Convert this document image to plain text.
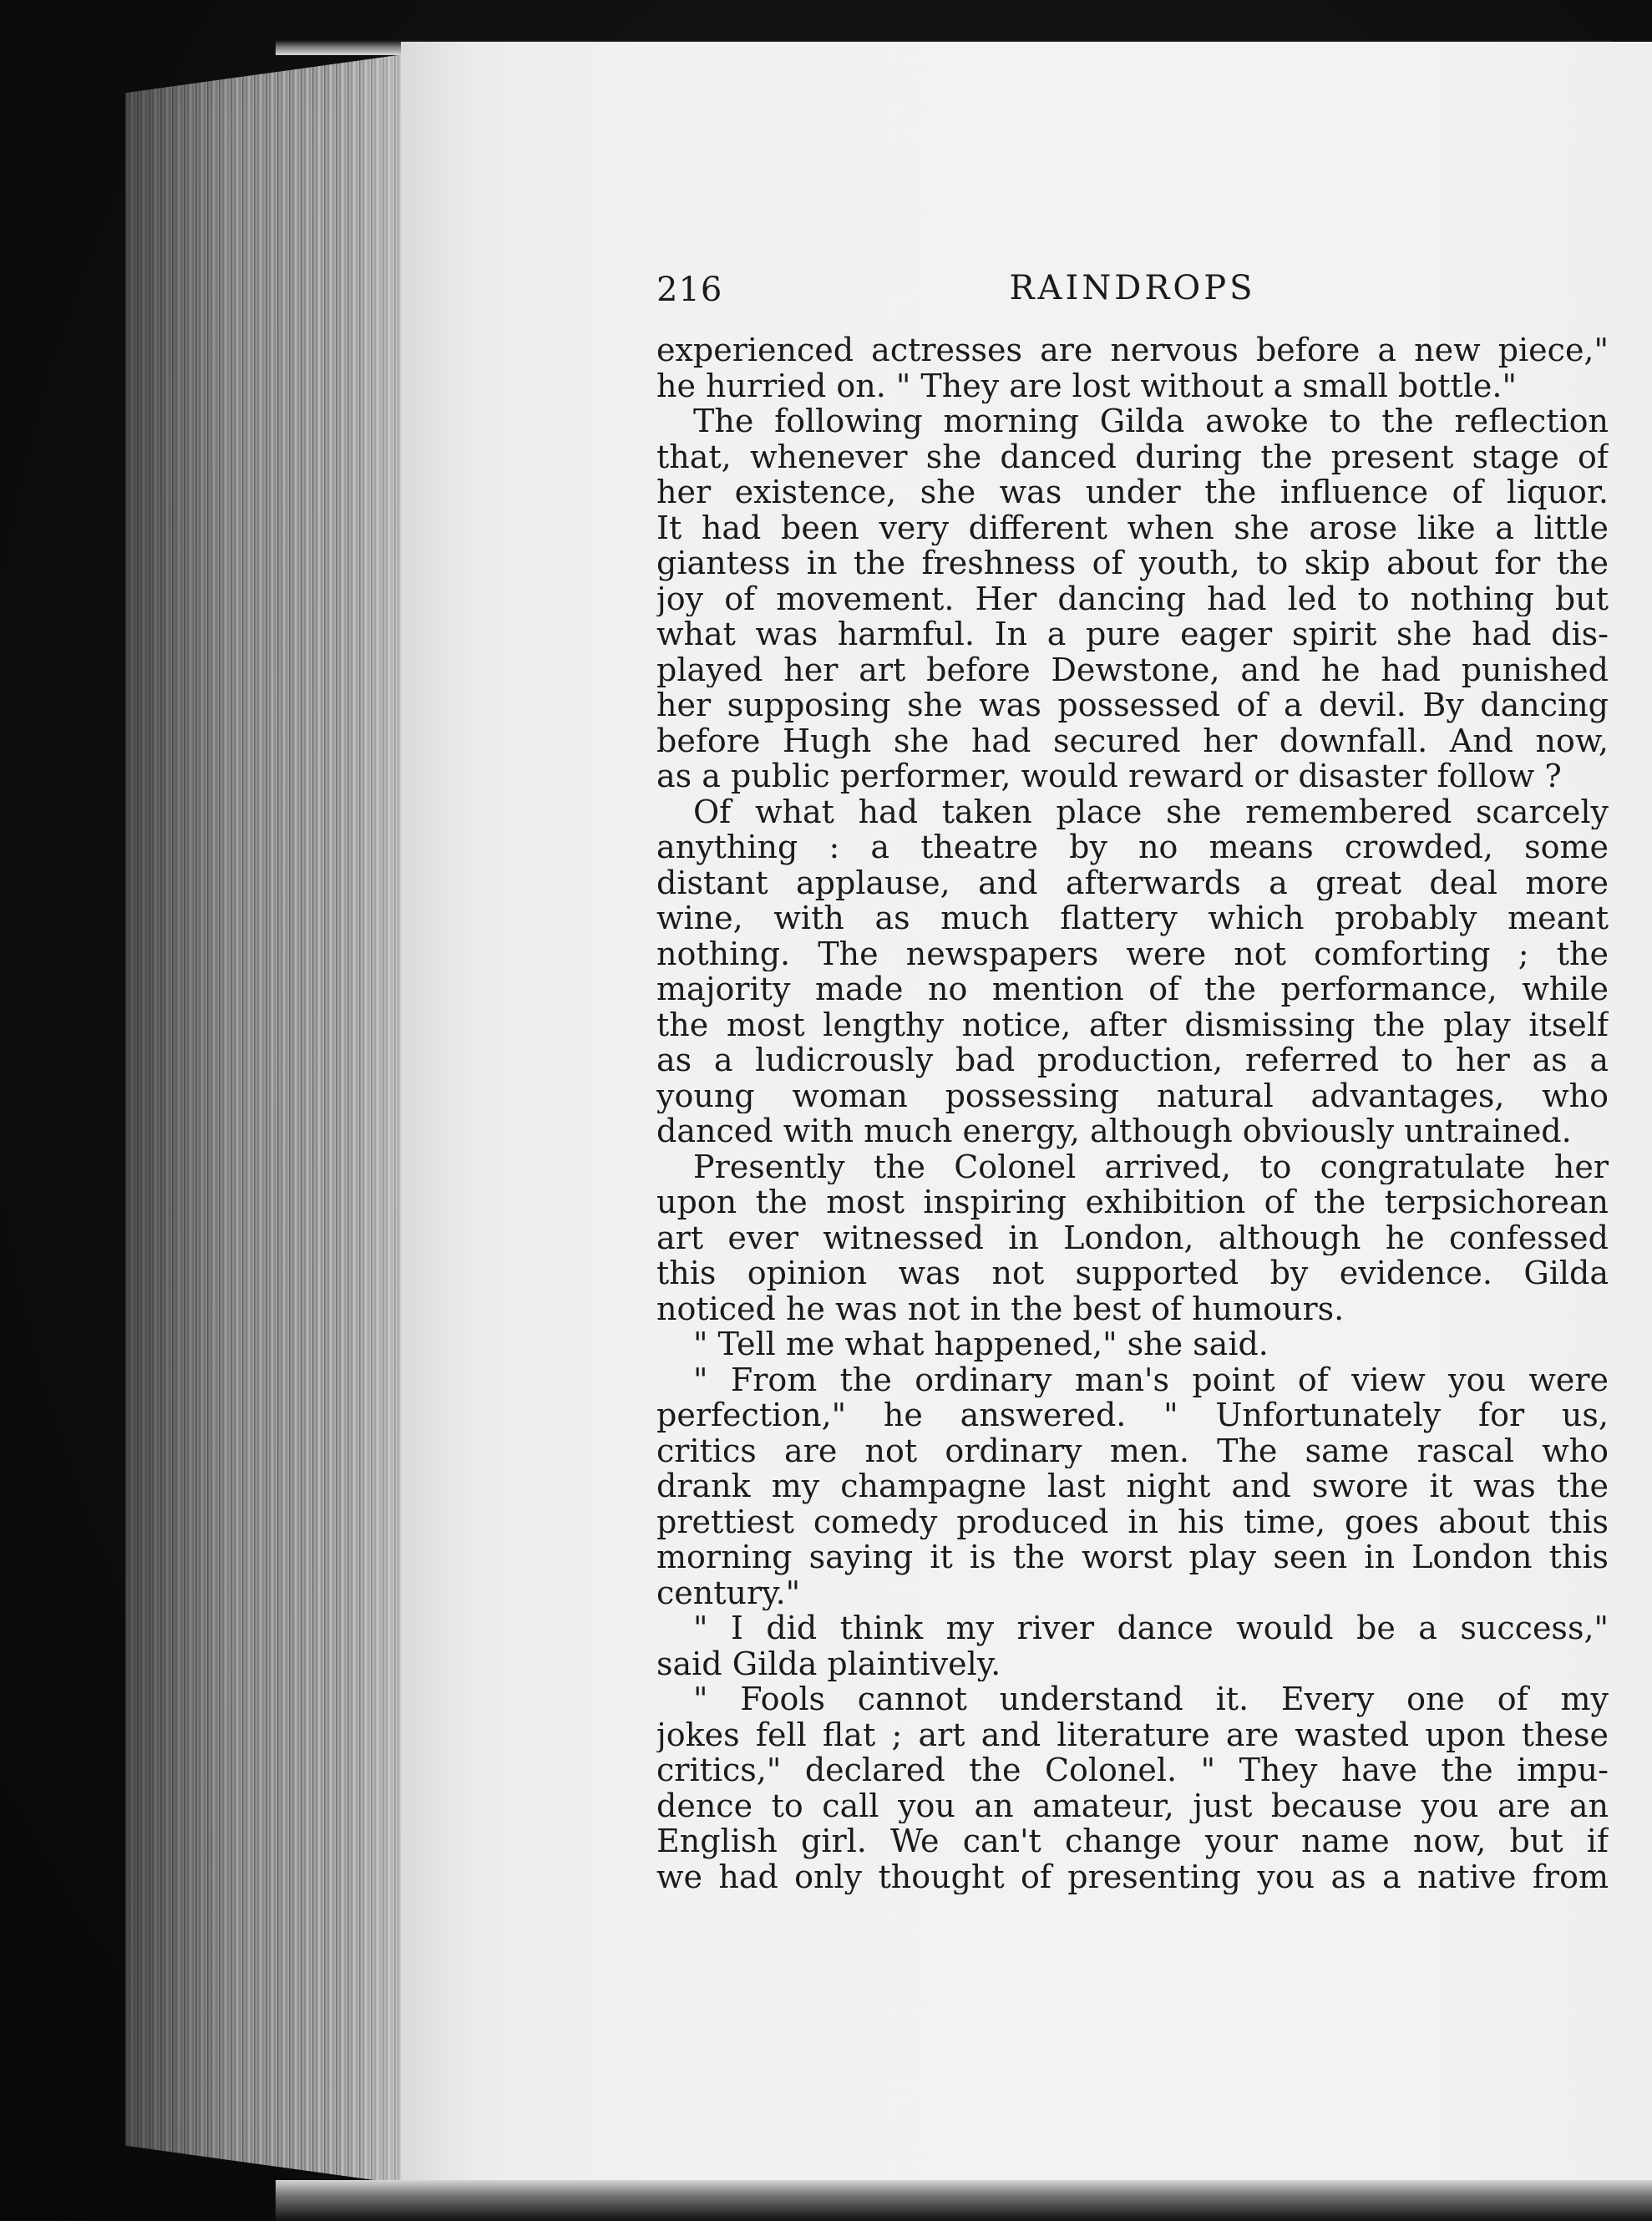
216	RAINDROPS
experienced actresses are nervous before a new piece,"
he hurried on. " They are lost without a small bottle."
The following morning Gilda awoke to the reflection
that, whenever she danced during the present stage of
her existence, she was under the influence of liquor.
It had been very different when she arose like a little
giantess in the freshness of youth, to skip about for the
joy of movement. Her dancing had led to nothing but
what was harmful. In a pure eager spirit she had dis-
played her art before Dewstone, and he had punished
her supposing she was possessed of a devil. By dancing
before Hugh she had secured her downfall. And now,
as a public performer, would reward or disaster follow ?
Of what had taken place she remembered scarcely
anything : a theatre by no means crowded, some
distant applause, and afterwards a great deal more
wine, with as much flattery which probably meant
nothing. The newspapers were not comforting ; the
majority made no mention of the performance, while
the most lengthy notice, after dismissing the play itself
as a ludicrously bad production, referred to her as a
young woman possessing natural advantages, who
danced with much energy, although obviously untrained.
Presently the Colonel arrived, to congratulate her
upon the most inspiring exhibition of the terpsichorean
art ever witnessed in London, although he confessed
this opinion was not supported by evidence. Gilda
noticed he was not in the best of humours.
" Tell me what happened," she said.
" From the ordinary man's point of view you were
perfection," he answered. " Unfortunately for us,
critics are not ordinary men. The same rascal who
drank my champagne last night and swore it was the
prettiest comedy produced in his time, goes about this
morning saying it is the worst play seen in London this
century."
" I did think my river dance would be a success,"
said Gilda plaintively.
" Fools cannot understand it. Every one of my
jokes fell flat ; art and literature are wasted upon these
critics," declared the Colonel. " They have the impu-
dence to call you an amateur, just because you are an
English girl. We can't change your name now, but if
we had only thought of presenting you as a native from
